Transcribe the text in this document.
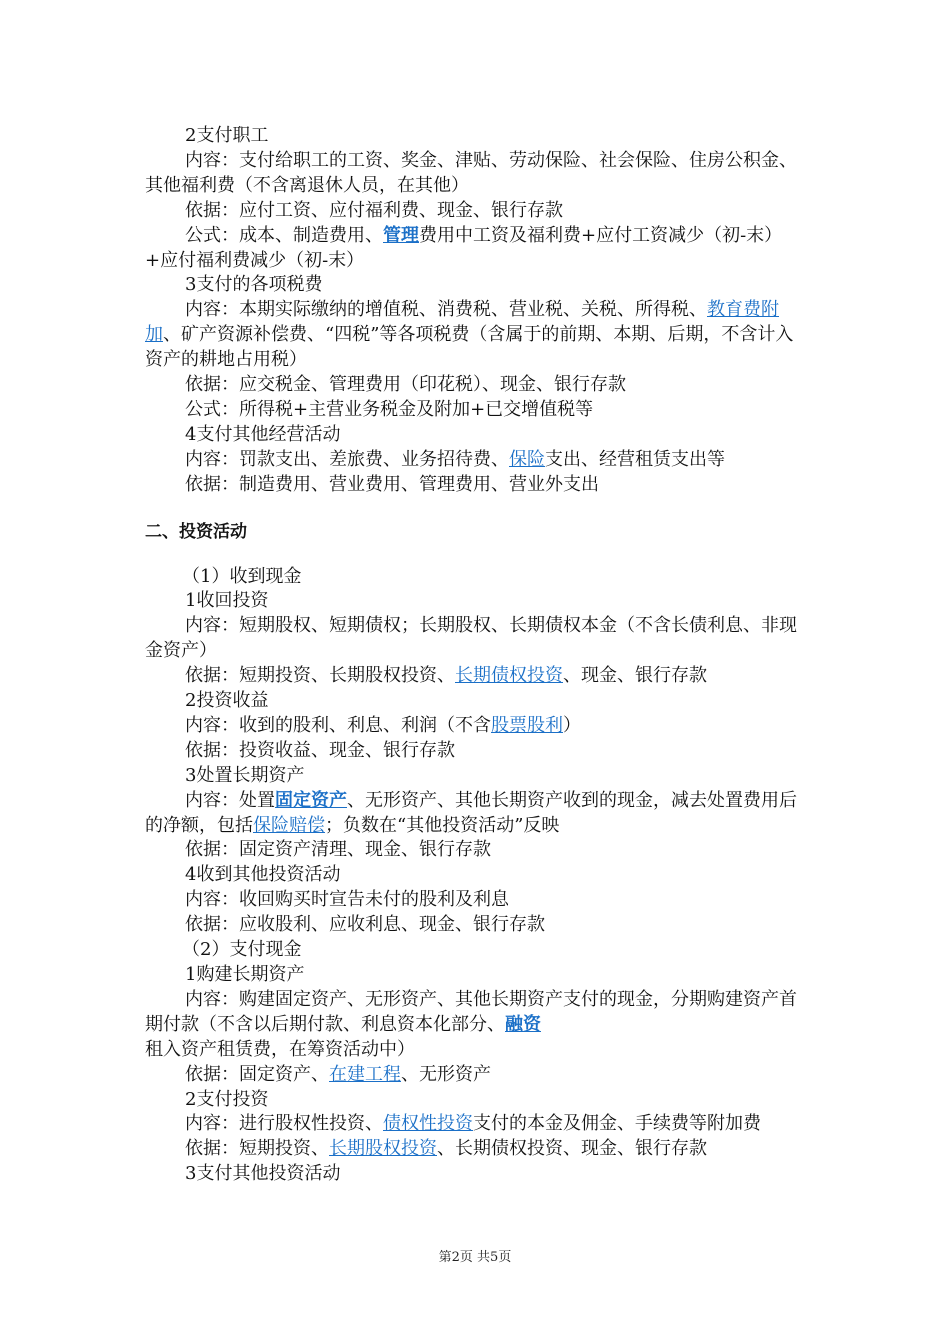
2支付职工

内容：支付给职工的工资、奖金、津贴、劳动保险、社会保险、住房公积金、其他福利费（不含离退休人员，在其他）

依据：应付工资、应付福利费、现金、银行存款

公式：成本、制造费用、管理费用中工资及福利费+应付工资减少（初-末）+应付福利费减少（初-末）

3支付的各项税费

内容：本期实际缴纳的增值税、消费税、营业税、关税、所得税、教育费附加、矿产资源补偿费、“四税”等各项税费（含属于的前期、本期、后期，不含计入资产的耕地占用税）

依据：应交税金、管理费用（印花税）、现金、银行存款

公式：所得税+主营业务税金及附加+已交增值税等

4支付其他经营活动

内容：罚款支出、差旅费、业务招待费、保险支出、经营租赁支出等

依据：制造费用、营业费用、管理费用、营业外支出

二、投资活动

（1）收到现金

1收回投资

内容：短期股权、短期债权；长期股权、长期债权本金（不含长债利息、非现金资产）

依据：短期投资、长期股权投资、长期债权投资、现金、银行存款

2投资收益

内容：收到的股利、利息、利润（不含股票股利）

依据：投资收益、现金、银行存款

3处置长期资产

内容：处置固定资产、无形资产、其他长期资产收到的现金，减去处置费用后的净额，包括保险赔偿；负数在“其他投资活动”反映

依据：固定资产清理、现金、银行存款

4收到其他投资活动

内容：收回购买时宣告未付的股利及利息

依据：应收股利、应收利息、现金、银行存款

（2）支付现金

1购建长期资产

内容：购建固定资产、无形资产、其他长期资产支付的现金，分期购建资产首期付款（不含以后期付款、利息资本化部分、融资租入资产租赁费，在筹资活动中）

依据：固定资产、在建工程、无形资产

2支付投资

内容：进行股权性投资、债权性投资支付的本金及佣金、手续费等附加费

依据：短期投资、长期股权投资、长期债权投资、现金、银行存款

3支付其他投资活动

第2页 共5页
